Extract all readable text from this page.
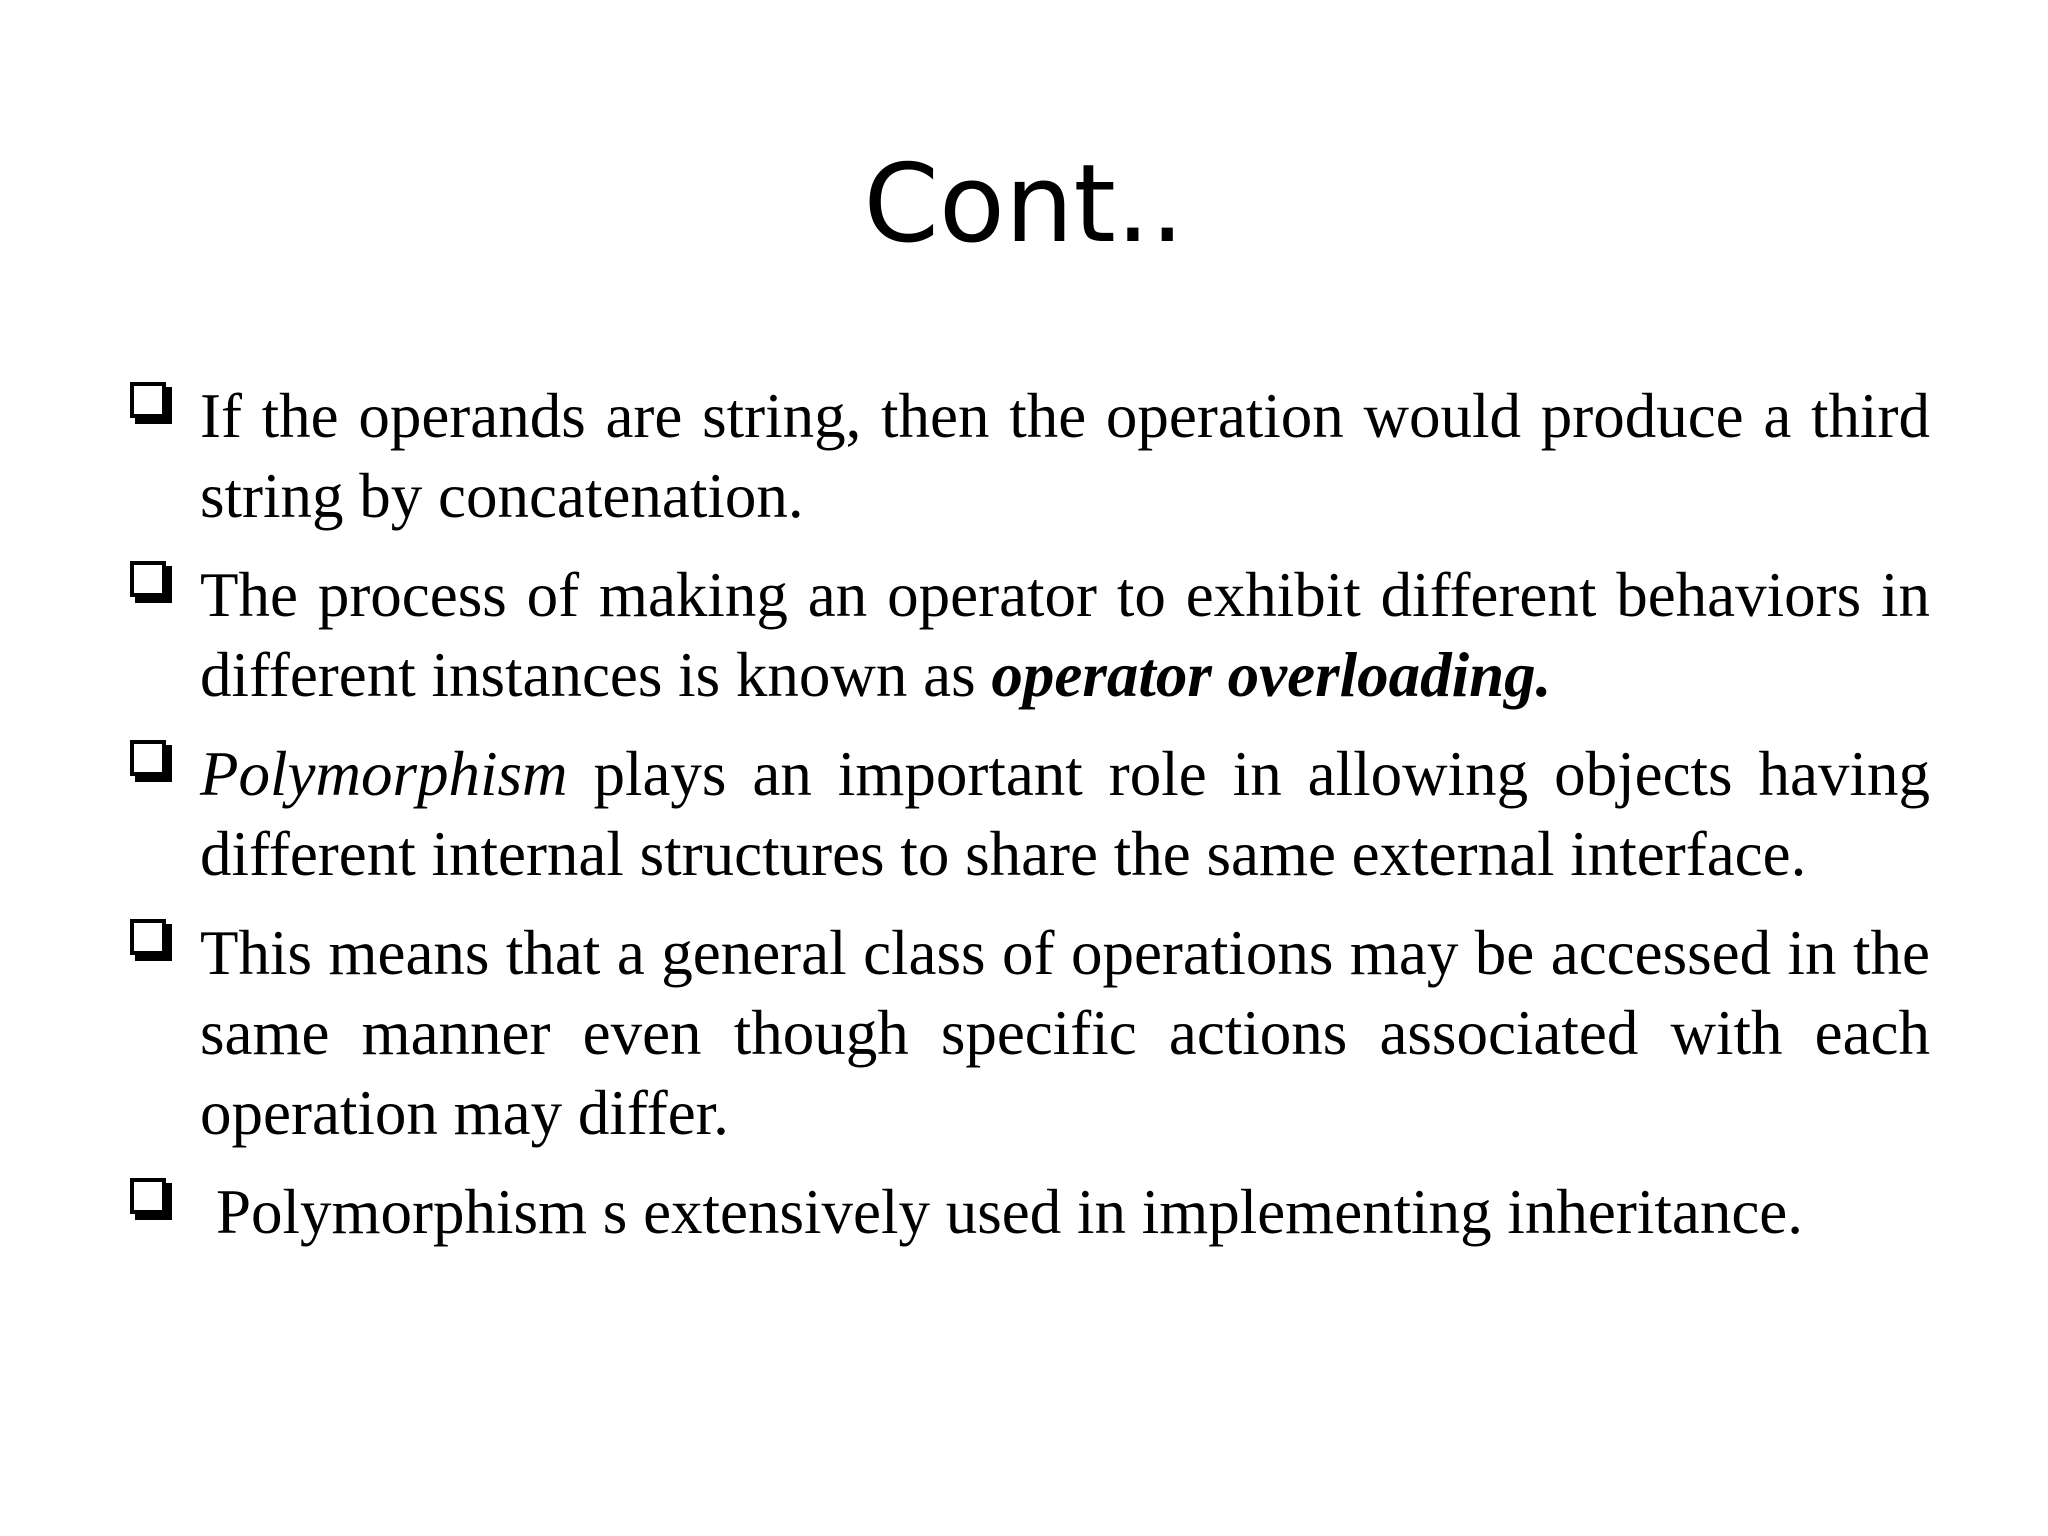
Cont..
If the operands are string, then the operation would produce a third string by concatenation.
The process of making an operator to exhibit different behaviors in different instances is known as operator overloading.
Polymorphism plays an important role in allowing objects having different internal structures to share the same external interface.
This means that a general class of operations may be accessed in the same manner even though specific actions associated with each operation may differ.
Polymorphism s extensively used in implementing inheritance.
